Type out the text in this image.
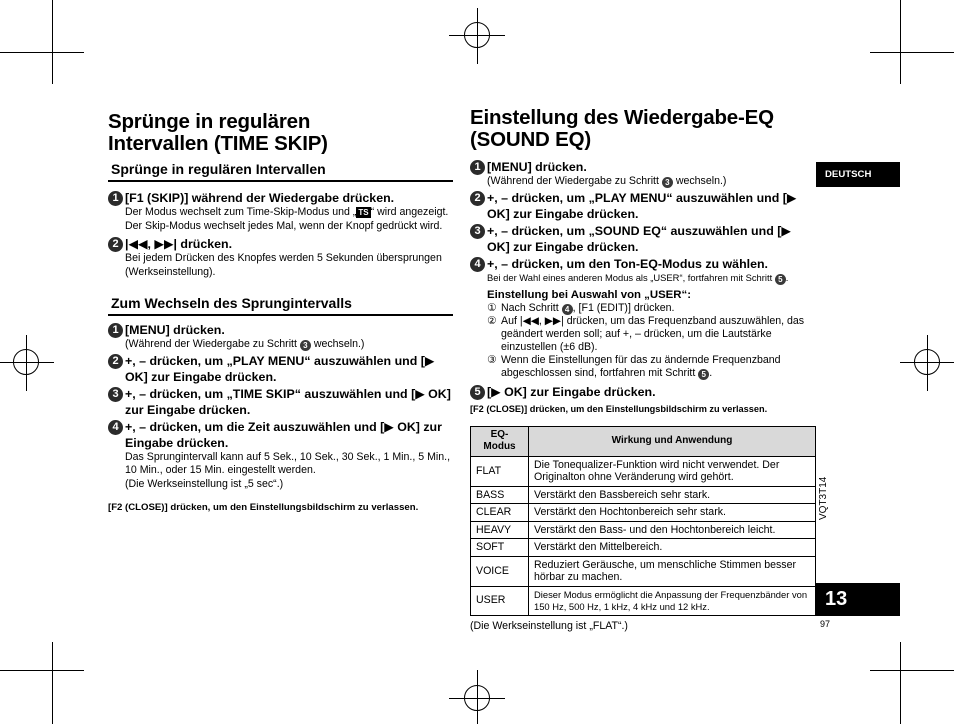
Sprünge in regulären
Intervallen (TIME SKIP)
Sprünge in regulären Intervallen
1 [F1 (SKIP)] während der Wiedergabe drücken.
Der Modus wechselt zum Time-Skip-Modus und „ TS “ wird angezeigt. Der Skip-Modus wechselt jedes Mal, wenn der Knopf gedrückt wird.
2 |◀◀, ▶▶| drücken.
Bei jedem Drücken des Knopfes werden 5 Sekunden übersprungen (Werkseinstellung).
Zum Wechseln des Sprungintervalls
1 [MENU] drücken.
(Während der Wiedergabe zu Schritt 3 wechseln.)
2 +, – drücken, um „PLAY MENU“ auszuwählen und [▶ OK] zur Eingabe drücken.
3 +, – drücken, um „TIME SKIP“ auszuwählen und [▶ OK] zur Eingabe drücken.
4 +, – drücken, um die Zeit auszuwählen und [▶ OK] zur Eingabe drücken.
Das Sprungintervall kann auf 5 Sek., 10 Sek., 30 Sek., 1 Min., 5 Min., 10 Min., oder 15 Min. eingestellt werden.
(Die Werkseinstellung ist „5 sec“.)
[F2 (CLOSE)] drücken, um den Einstellungsbildschirm zu verlassen.
Einstellung des Wiedergabe-EQ
(SOUND EQ)
1 [MENU] drücken.
(Während der Wiedergabe zu Schritt 3 wechseln.)
2 +, – drücken, um „PLAY MENU“ auszuwählen und [▶ OK] zur Eingabe drücken.
3 +, – drücken, um „SOUND EQ“ auszuwählen und [▶ OK] zur Eingabe drücken.
4 +, – drücken, um den Ton-EQ-Modus zu wählen.
Bei der Wahl eines anderen Modus als „USER“, fortfahren mit Schritt 5 .
Einstellung bei Auswahl von „USER“:
① Nach Schritt 4 , [F1 (EDIT)] drücken.
② Auf |◀◀, ▶▶| drücken, um das Frequenzband auszuwählen, das geändert werden soll; auf +, – drücken, um die Lautstärke einzustellen (±6 dB).
③ Wenn die Einstellungen für das zu ändernde Frequenzband abgeschlossen sind, fortfahren mit Schritt 5 .
5 [▶ OK] zur Eingabe drücken.
[F2 (CLOSE)] drücken, um den Einstellungsbildschirm zu verlassen.
EQ-Modus	Wirkung und Anwendung
FLAT	Die Tonequalizer-Funktion wird nicht verwendet. Der Originalton ohne Veränderung wird gehört.
BASS	Verstärkt den Bassbereich sehr stark.
CLEAR	Verstärkt den Hochtonbereich sehr stark.
HEAVY	Verstärkt den Bass- und den Hochtonbereich leicht.
SOFT	Verstärkt den Mittelbereich.
VOICE	Reduziert Geräusche, um menschliche Stimmen besser hörbar zu machen.
USER	Dieser Modus ermöglicht die Anpassung der Frequenzbänder von 150 Hz, 500 Hz, 1 kHz, 4 kHz und 12 kHz.
(Die Werkseinstellung ist „FLAT“.)
DEUTSCH
VQT3T14
13
97
